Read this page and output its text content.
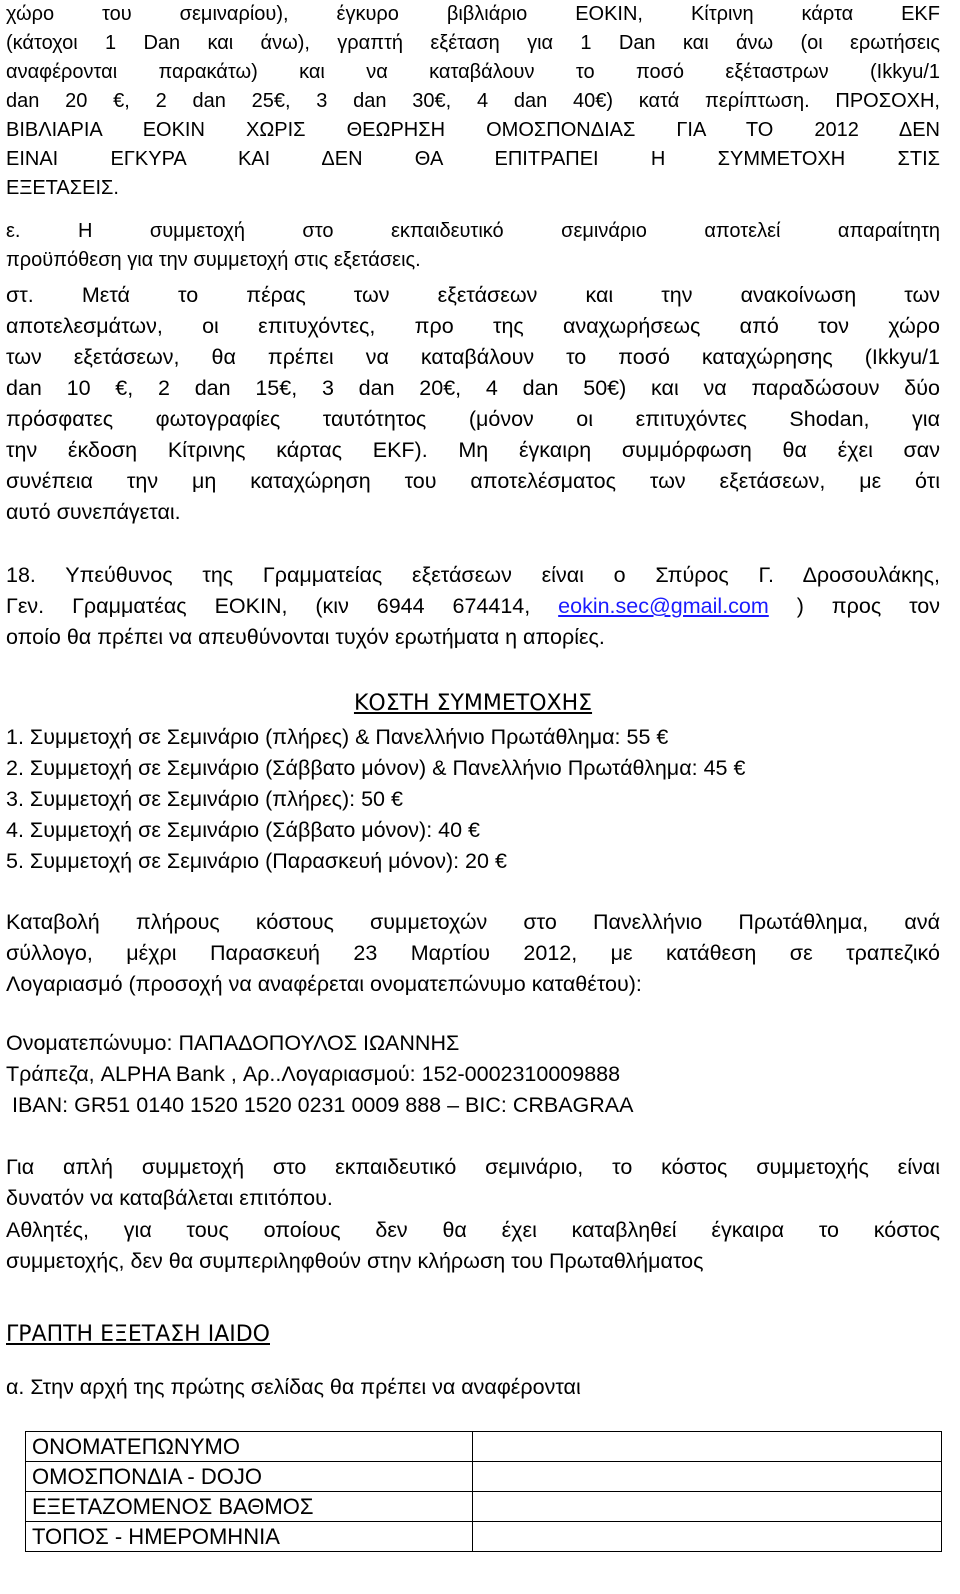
χώρο του σεμιναρίου), έγκυρο βιβλιάριο ΕΟΚΙΝ, Κίτρινη κάρτα EKF
(κάτοχοι 1 Dan και άνω), γραπτή εξέταση για 1 Dan και άνω (οι ερωτήσεις
αναφέρονται παρακάτω) και να καταβάλουν το ποσό εξέταστρων (Ikkyu/1
dan 20 €, 2 dan 25€, 3 dan 30€, 4 dan 40€) κατά περίπτωση. ΠΡΟΣΟΧΗ,
ΒΙΒΛΙΑΡΙΑ ΕΟΚΙΝ ΧΩΡΙΣ ΘΕΩΡΗΣΗ ΟΜΟΣΠΟΝΔΙΑΣ ΓΙΑ ΤΟ 2012 ΔΕΝ
ΕΙΝΑΙ ΕΓΚΥΡΑ ΚΑΙ ΔΕΝ ΘΑ ΕΠΙΤΡΑΠΕΙ Η ΣΥΜΜΕΤΟΧΗ ΣΤΙΣ
ΕΞΕΤΑΣΕΙΣ.
ε. Η συμμετοχή στο εκπαιδευτικό σεμινάριο αποτελεί απαραίτητη
προϋπόθεση για την συμμετοχή στις εξετάσεις.
στ. Μετά το πέρας των εξετάσεων και την ανακοίνωση των
αποτελεσμάτων, οι επιτυχόντες, προ της αναχωρήσεως από τον χώρο
των εξετάσεων, θα πρέπει να καταβάλουν το ποσό καταχώρησης (Ikkyu/1
dan 10 €, 2 dan 15€, 3 dan 20€, 4 dan 50€) και να παραδώσουν δύο
πρόσφατες φωτογραφίες ταυτότητος (μόνον οι επιτυχόντες Shodan, για
την έκδοση Κίτρινης κάρτας EKF). Μη έγκαιρη συμμόρφωση θα έχει σαν
συνέπεια την μη καταχώρηση του αποτελέσματος των εξετάσεων, με ότι
αυτό συνεπάγεται.
18. Υπεύθυνος της Γραμματείας εξετάσεων είναι ο Σπύρος Γ. Δροσουλάκης,
Γεν. Γραμματέας ΕΟΚΙΝ, (κιν 6944 674414, eokin.sec@gmail.com ) προς τον
οποίο θα πρέπει να απευθύνονται τυχόν ερωτήματα η απορίες.
ΚΟΣΤΗ ΣΥΜΜΕΤΟΧΗΣ
1. Συμμετοχή σε Σεμινάριο (πλήρες) & Πανελλήνιο Πρωτάθλημα: 55 €
2. Συμμετοχή σε Σεμινάριο (Σάββατο μόνον) & Πανελλήνιο Πρωτάθλημα: 45 €
3. Συμμετοχή σε Σεμινάριο (πλήρες): 50 €
4. Συμμετοχή σε Σεμινάριο (Σάββατο μόνον): 40 €
5. Συμμετοχή σε Σεμινάριο (Παρασκευή μόνον): 20 €
Καταβολή πλήρους κόστους συμμετοχών στο Πανελλήνιο Πρωτάθλημα, ανά
σύλλογο, μέχρι Παρασκευή 23 Μαρτίου 2012, με κατάθεση σε τραπεζικό
Λογαριασμό (προσοχή να αναφέρεται ονοματεπώνυμο καταθέτου):
Ονοματεπώνυμο: ΠΑΠΑΔΟΠΟΥΛΟΣ ΙΩΑΝΝΗΣ
Τράπεζα, ALPHA Bank , Αρ..Λογαριασμού: 152-0002310009888
IBAN: GR51 0140 1520 1520 0231 0009 888 – BIC: CRBAGRAA
Για απλή συμμετοχή στο εκπαιδευτικό σεμινάριο, το κόστος συμμετοχής είναι
δυνατόν να καταβάλεται επιτόπου.
Αθλητές, για τους οποίους δεν θα έχει καταβληθεί έγκαιρα το κόστος
συμμετοχής, δεν θα συμπεριληφθούν στην κλήρωση του Πρωταθλήματος
ΓΡΑΠΤΗ ΕΞΕΤΑΣΗ IAIDO
α. Στην αρχή της πρώτης σελίδας θα πρέπει να αναφέρονται
ΟΝΟΜΑΤΕΠΩΝΥΜΟ	
ΟΜΟΣΠΟΝΔΙΑ - DOJO	
ΕΞΕΤΑΖΟΜΕΝΟΣ ΒΑΘΜΟΣ	
ΤΟΠΟΣ - ΗΜΕΡΟΜΗΝΙΑ	
